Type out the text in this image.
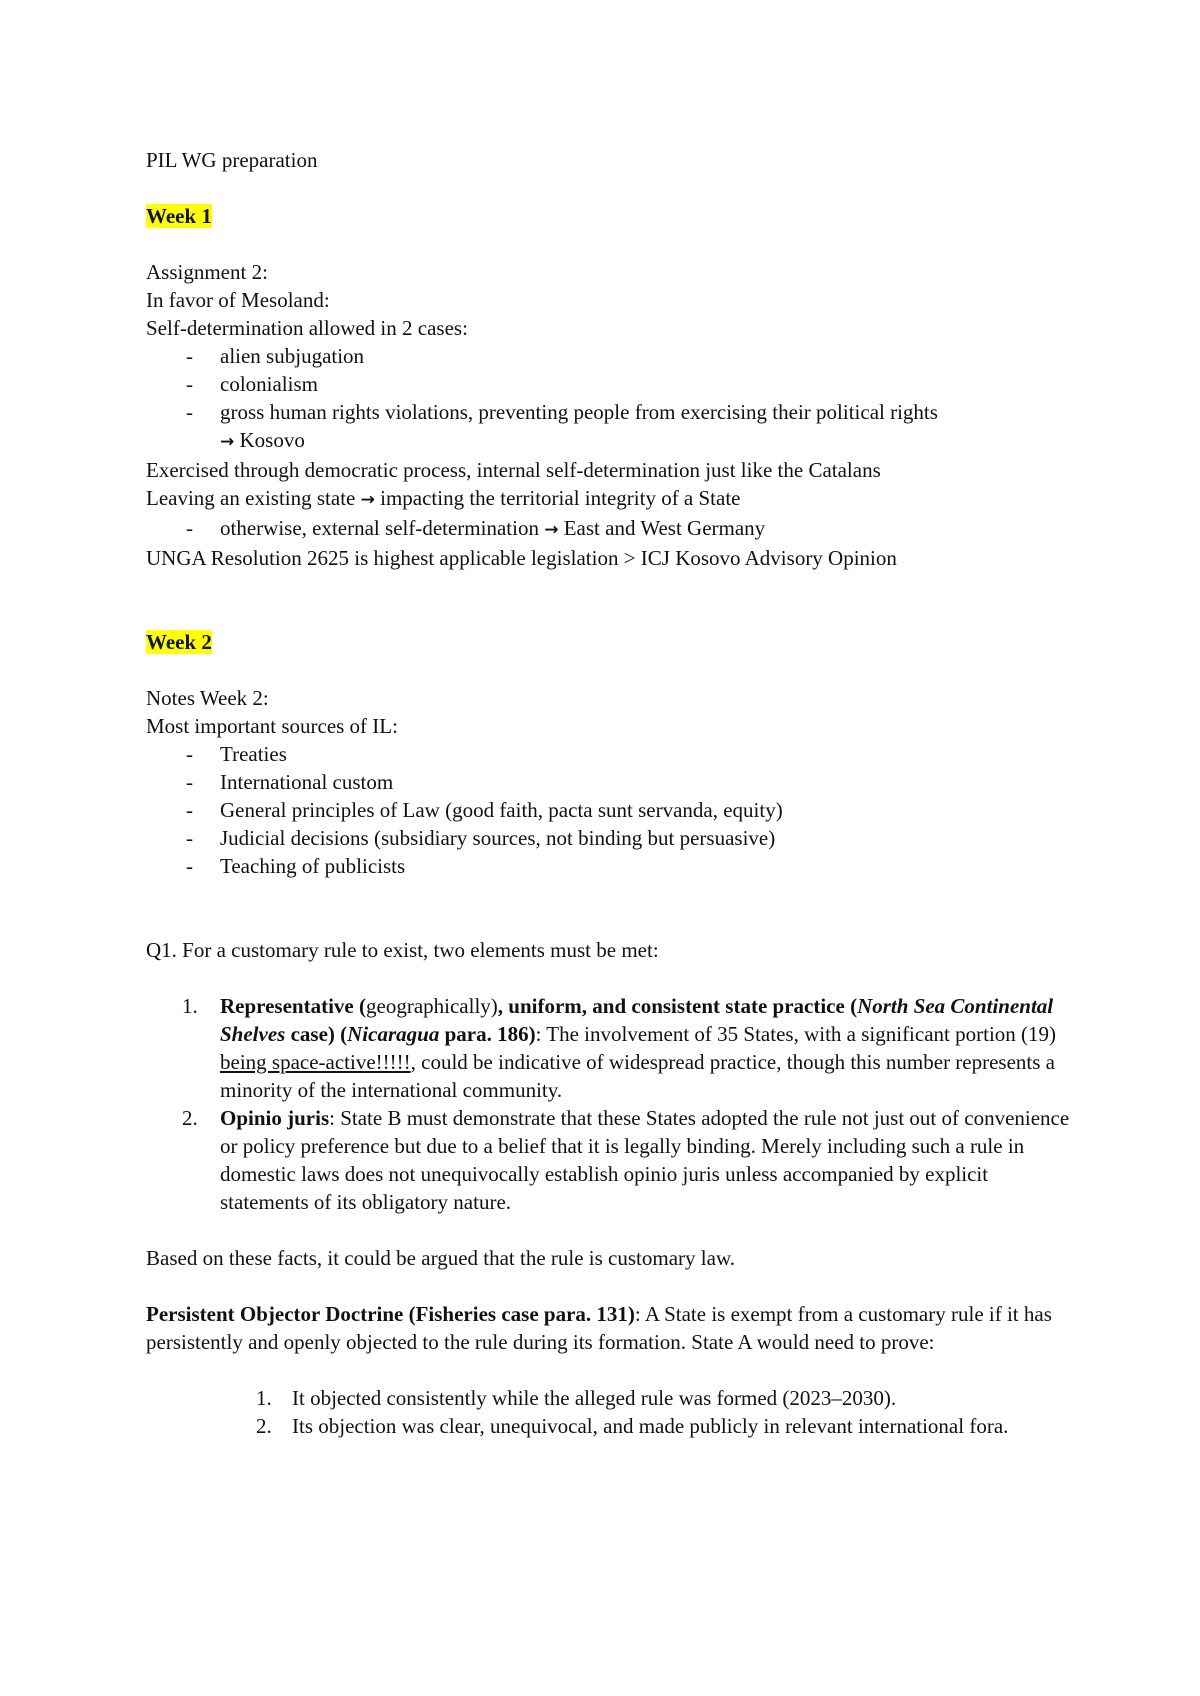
PIL WG preparation

Week 1

Assignment 2:

In favor of Mesoland:

Self-determination allowed in 2 cases:

- alien subjugation
- colonialism
- gross human rights violations, preventing people from exercising their political rights
→ Kosovo

Exercised through democratic process, internal self-determination just like the Catalans

Leaving an existing state → impacting the territorial integrity of a State

- otherwise, external self-determination → East and West Germany

UNGA Resolution 2625 is highest applicable legislation > ICJ Kosovo Advisory Opinion

Week 2

Notes Week 2:

Most important sources of IL:

- Treaties
- International custom
- General principles of Law (good faith, pacta sunt servanda, equity)
- Judicial decisions (subsidiary sources, not binding but persuasive)
- Teaching of publicists

Q1. For a customary rule to exist, two elements must be met:

1. Representative (geographically), uniform, and consistent state practice (North Sea Continental Shelves case) (Nicaragua para. 186): The involvement of 35 States, with a significant portion (19) being space-active!!!!!, could be indicative of widespread practice, though this number represents a minority of the international community.
2. Opinio juris: State B must demonstrate that these States adopted the rule not just out of convenience or policy preference but due to a belief that it is legally binding. Merely including such a rule in domestic laws does not unequivocally establish opinio juris unless accompanied by explicit statements of its obligatory nature.

Based on these facts, it could be argued that the rule is customary law.

Persistent Objector Doctrine (Fisheries case para. 131): A State is exempt from a customary rule if it has persistently and openly objected to the rule during its formation. State A would need to prove:

1. It objected consistently while the alleged rule was formed (2023–2030).
2. Its objection was clear, unequivocal, and made publicly in relevant international fora.
